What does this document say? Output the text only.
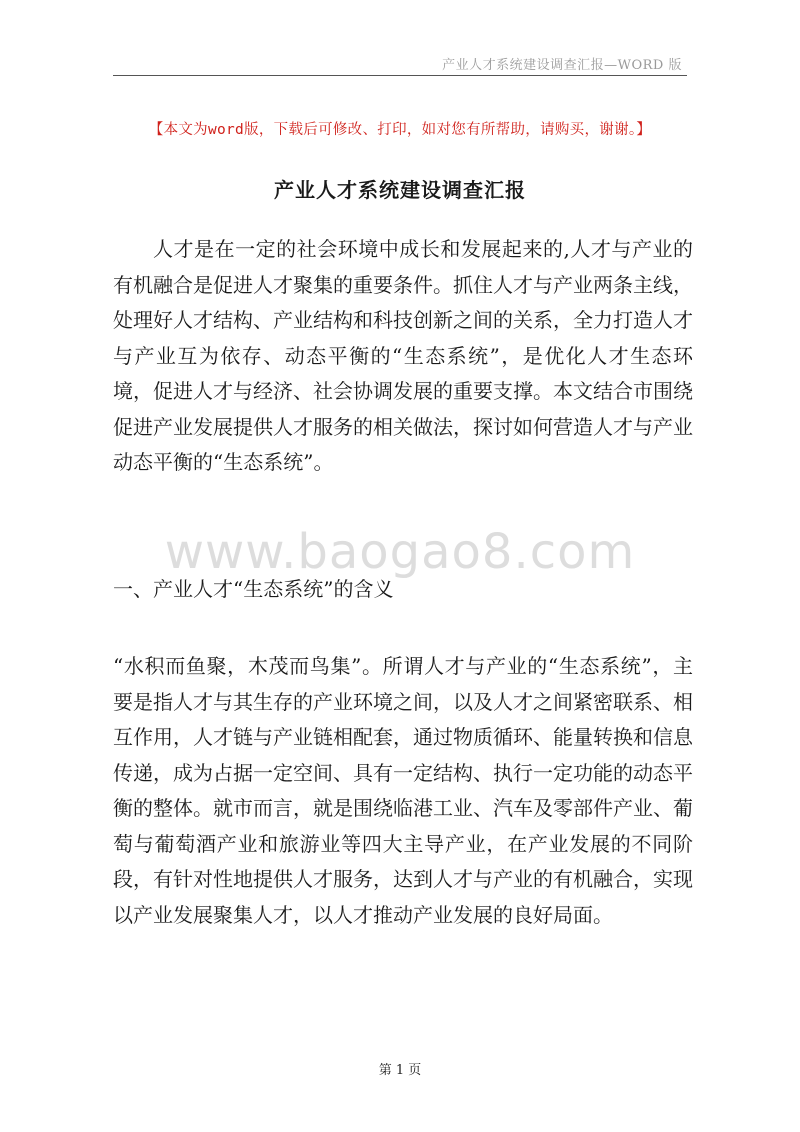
产业人才系统建设调查汇报—WORD 版
【本文为word版，下载后可修改、打印，如对您有所帮助，请购买，谢谢。】
产业人才系统建设调查汇报

人才是在一定的社会环境中成长和发展起来的,人才与产业的有机融合是促进人才聚集的重要条件。抓住人才与产业两条主线，处理好人才结构、产业结构和科技创新之间的关系，全力打造人才与产业互为依存、动态平衡的“生态系统”，是优化人才生态环境，促进人才与经济、社会协调发展的重要支撑。本文结合市围绕促进产业发展提供人才服务的相关做法，探讨如何营造人才与产业动态平衡的“生态系统”。

www.baogao8.com
一、产业人才“生态系统”的含义

“水积而鱼聚，木茂而鸟集”。所谓人才与产业的“生态系统”，主要是指人才与其生存的产业环境之间，以及人才之间紧密联系、相互作用，人才链与产业链相配套，通过物质循环、能量转换和信息传递，成为占据一定空间、具有一定结构、执行一定功能的动态平衡的整体。就市而言，就是围绕临港工业、汽车及零部件产业、葡萄与葡萄酒产业和旅游业等四大主导产业，在产业发展的不同阶段，有针对性地提供人才服务，达到人才与产业的有机融合，实现以产业发展聚集人才，以人才推动产业发展的良好局面。

第 1 页
